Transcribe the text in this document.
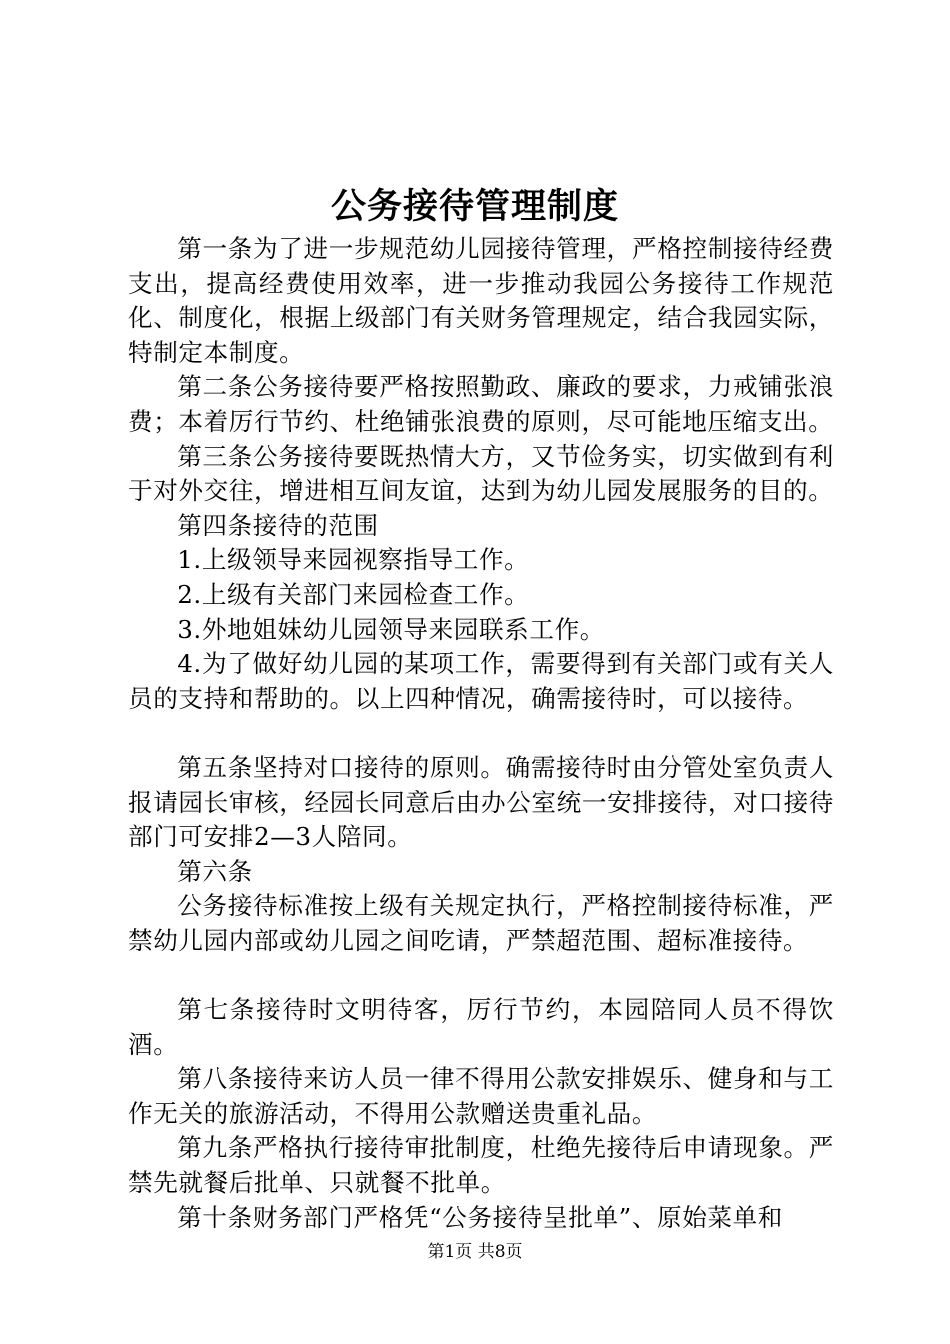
公务接待管理制度

第一条为了进一步规范幼儿园接待管理，严格控制接待经费支出，提高经费使用效率，进一步推动我园公务接待工作规范化、制度化，根据上级部门有关财务管理规定，结合我园实际，特制定本制度。

第二条公务接待要严格按照勤政、廉政的要求，力戒铺张浪费；本着厉行节约、杜绝铺张浪费的原则，尽可能地压缩支出。

第三条公务接待要既热情大方，又节俭务实，切实做到有利于对外交往，增进相互间友谊，达到为幼儿园发展服务的目的。

第四条接待的范围

1.上级领导来园视察指导工作。

2.上级有关部门来园检查工作。

3.外地姐妹幼儿园领导来园联系工作。

4.为了做好幼儿园的某项工作，需要得到有关部门或有关人员的支持和帮助的。以上四种情况，确需接待时，可以接待。

第五条坚持对口接待的原则。确需接待时由分管处室负责人报请园长审核，经园长同意后由办公室统一安排接待，对口接待部门可安排2—3人陪同。

第六条

公务接待标准按上级有关规定执行，严格控制接待标准，严禁幼儿园内部或幼儿园之间吃请，严禁超范围、超标准接待。

第七条接待时文明待客，厉行节约，本园陪同人员不得饮酒。

第八条接待来访人员一律不得用公款安排娱乐、健身和与工作无关的旅游活动，不得用公款赠送贵重礼品。

第九条严格执行接待审批制度，杜绝先接待后申请现象。严禁先就餐后批单、只就餐不批单。

第十条财务部门严格凭“公务接待呈批单”、原始菜单和

第1页 共8页
